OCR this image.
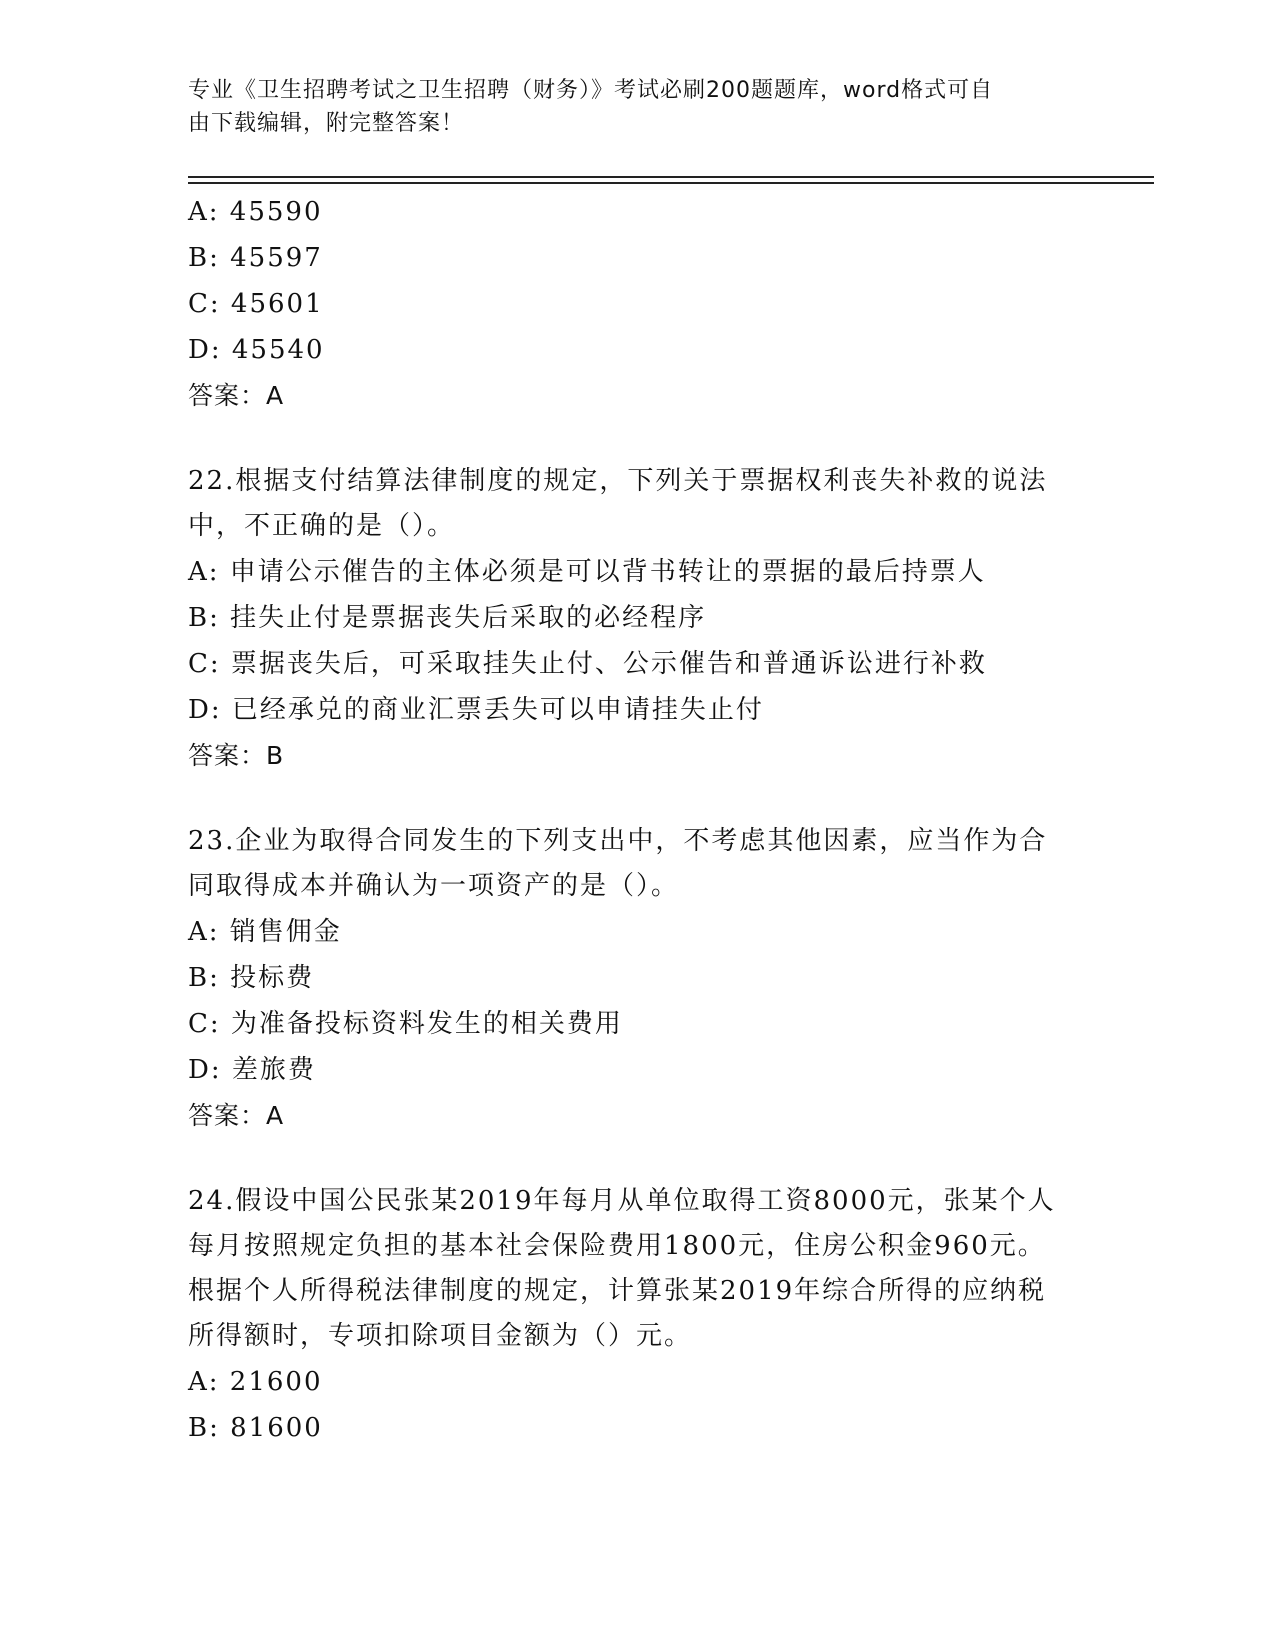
专业《卫生招聘考试之卫生招聘（财务）》考试必刷200题题库，word格式可自
由下载编辑，附完整答案！
A: 45590
B: 45597
C: 45601
D: 45540
答案：A
22.根据支付结算法律制度的规定，下列关于票据权利丧失补救的说法
中，不正确的是（）。
A: 申请公示催告的主体必须是可以背书转让的票据的最后持票人
B: 挂失止付是票据丧失后采取的必经程序
C: 票据丧失后，可采取挂失止付、公示催告和普通诉讼进行补救
D: 已经承兑的商业汇票丢失可以申请挂失止付
答案：B
23.企业为取得合同发生的下列支出中，不考虑其他因素，应当作为合
同取得成本并确认为一项资产的是（）。
A: 销售佣金
B: 投标费
C: 为准备投标资料发生的相关费用
D: 差旅费
答案：A
24.假设中国公民张某2019年每月从单位取得工资8000元，张某个人
每月按照规定负担的基本社会保险费用1800元，住房公积金960元。
根据个人所得税法律制度的规定，计算张某2019年综合所得的应纳税
所得额时，专项扣除项目金额为（）元。
A: 21600
B: 81600
